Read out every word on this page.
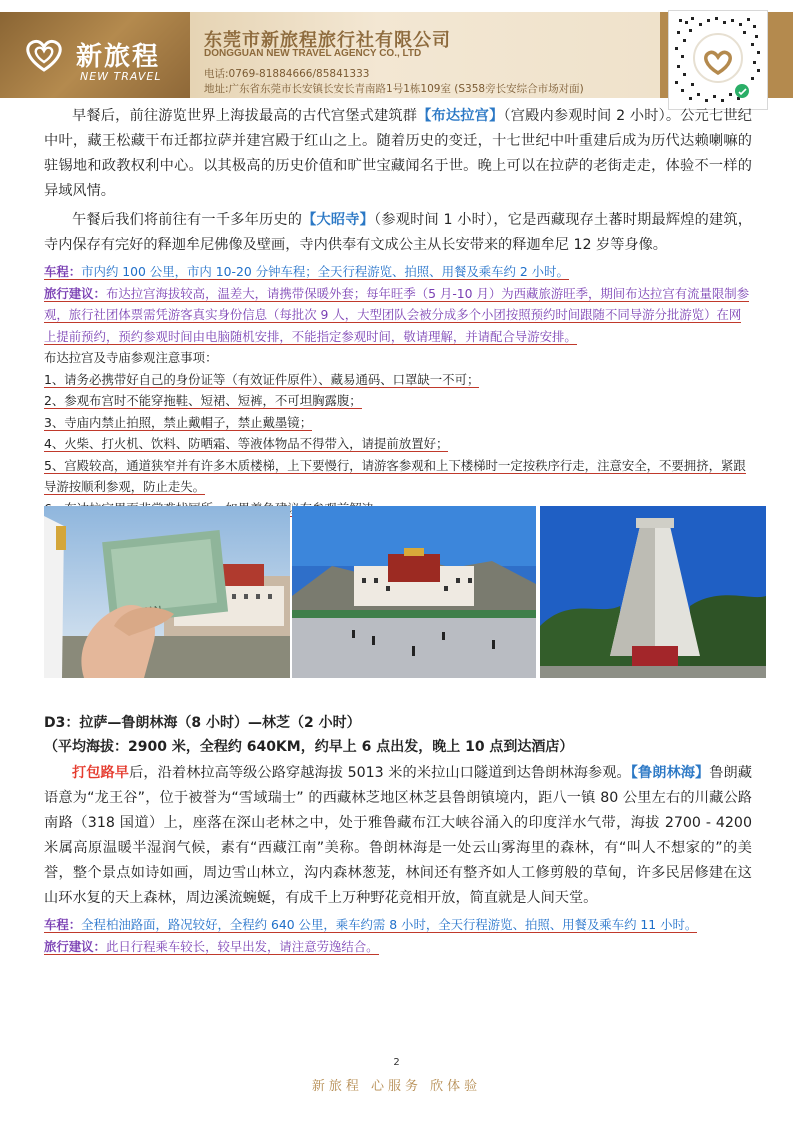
新旅程
NEW TRAVEL
东莞市新旅程旅行社有限公司
DONGGUAN NEW TRAVEL AGENCY CO., LTD
电话:0769-81884666/85841333
地址:广东省东莞市长安镇长安长青南路1号1栋109室 (S358旁长安综合市场对面)

早餐后，前往游览世界上海拔最高的古代宫堡式建筑群【布达拉宫】（宫殿内参观时间 2 小时）。公元七世纪中叶，藏王松藏干布迁都拉萨并建宫殿于红山之上。随着历史的变迁，十七世纪中叶重建后成为历代达赖喇嘛的驻锡地和政教权利中心。以其极高的历史价值和旷世宝藏闻名于世。晚上可以在拉萨的老街走走，体验不一样的异域风情。

午餐后我们将前往有一千多年历史的【大昭寺】（参观时间 1 小时），它是西藏现存土蕃时期最辉煌的建筑，寺内保存有完好的释迦牟尼佛像及壁画，寺内供奉有文成公主从长安带来的释迦牟尼 12 岁等身像。

车程：市内约 100 公里，市内 10-20 分钟车程；全天行程游览、拍照、用餐及乘车约 2 小时。

旅行建议：布达拉宫海拔较高，温差大，请携带保暖外套；每年旺季（5 月-10 月）为西藏旅游旺季，期间布达拉宫有流量限制参观，旅行社团体票需凭游客真实身份信息（每批次 9 人，大型团队会被分成多个小团按照预约时间跟随不同导游分批游览）在网上提前预约，预约参观时间由电脑随机安排，不能指定参观时间，敬请理解，并请配合导游安排。

布达拉宫及寺庙参观注意事项：

1、请务必携带好自己的身份证等（有效证件原件）、藏易通码、口罩缺一不可；

2、参观布宫时不能穿拖鞋、短裙、短裤，不可坦胸露腹；

3、寺庙内禁止拍照，禁止戴帽子，禁止戴墨镜；

4、火柴、打火机、饮料、防晒霜、等液体物品不得带入，请提前放置好；

5、宫殿较高，通道狭窄并有许多木质楼梯，上下要慢行，请游客参观和上下楼梯时一定按秩序行走，注意安全，不要拥挤，紧跟导游按顺利参观，防止走失。

D3：拉萨—鲁朗林海（8 小时）—林芝（2 小时）
（平均海拔：2900 米，全程约 640KM，约早上 6 点出发，晚上 10 点到达酒店）

打包路早后，沿着林拉高等级公路穿越海拔 5013 米的米拉山口隧道到达鲁朗林海参观。【鲁朗林海】鲁朗藏语意为“龙王谷”，位于被誉为“雪域瑞士” 的西藏林芝地区林芝县鲁朗镇境内，距八一镇 80 公里左右的川藏公路南路（318 国道）上，座落在深山老林之中，处于雅鲁藏布江大峡谷涌入的印度洋水气带，海拔 2700 - 4200 米属高原温暖半湿润气候，素有“西藏江南”美称。鲁朗林海是一处云山雾海里的森林，有“叫人不想家的”的美誉，整个景点如诗如画，周边雪山林立，沟内森林葱茏，林间还有整齐如人工修剪般的草甸，许多民居修建在这山环水复的天上森林，周边溪流蜿蜒，有成千上万种野花竞相开放，简直就是人间天堂。

车程：全程柏油路面，路况较好，全程约 640 公里，乘车约需 8 小时，全天行程游览、拍照、用餐及乘车约 11 小时。

旅行建议：此日行程乘车较长，较早出发，请注意劳逸结合。

2
新旅程 心服务 欣体验
